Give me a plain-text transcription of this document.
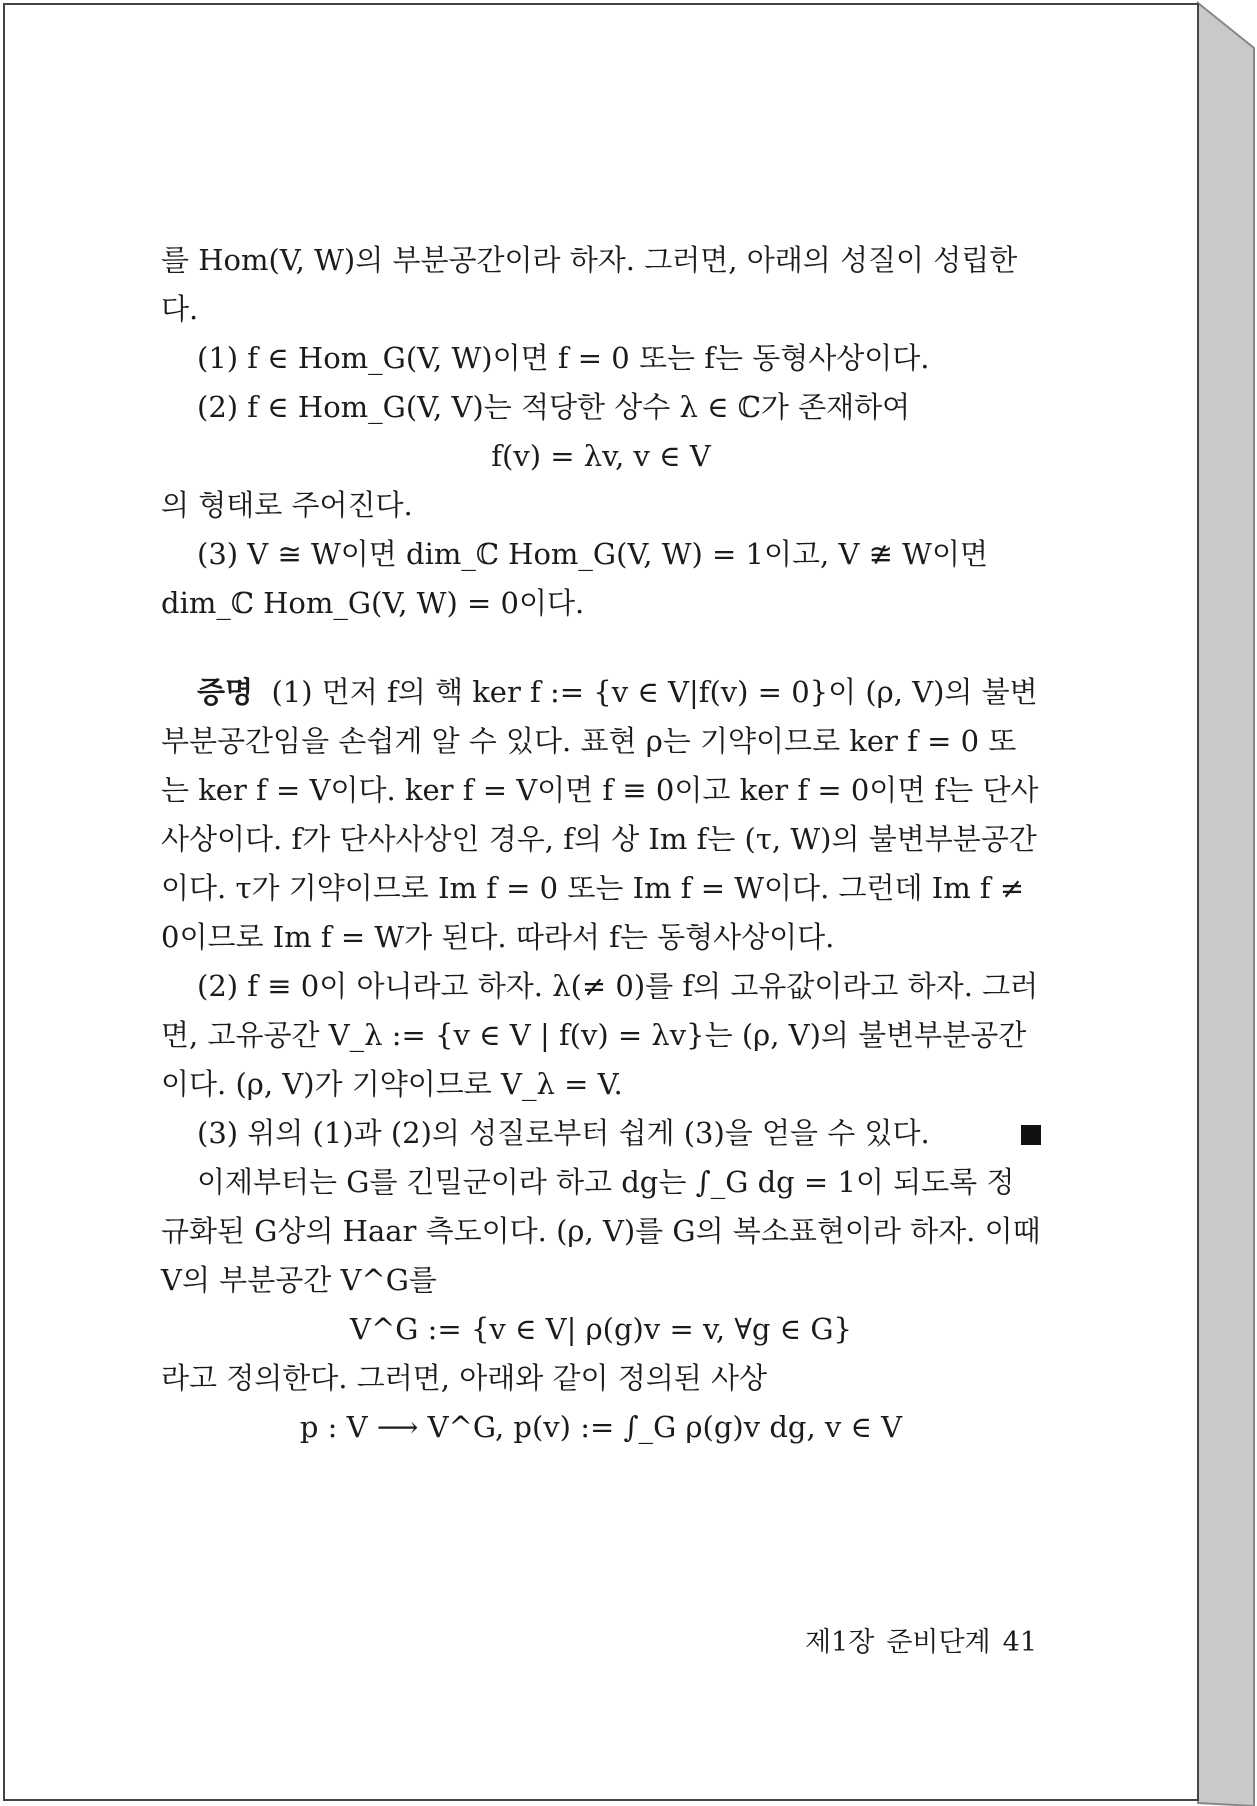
를 Hom(V, W)의 부분공간이라 하자. 그러면, 아래의 성질이 성립한다.

(1) f ∈ Hom_G(V, W)이면 f = 0 또는 f는 동형사상이다.

(2) f ∈ Hom_G(V, V)는 적당한 상수 λ ∈ ℂ가 존재하여

f(v) = λv, v ∈ V

의 형태로 주어진다.

(3) V ≅ W이면 dim_ℂ Hom_G(V, W) = 1이고, V ≇ W이면 dim_ℂ Hom_G(V, W) = 0이다.

증명 (1) 먼저 f의 핵 ker f := {v ∈ V|f(v) = 0}이 (ρ, V)의 불변부분공간임을 손쉽게 알 수 있다. 표현 ρ는 기약이므로 ker f = 0 또는 ker f = V이다. ker f = V이면 f ≡ 0이고 ker f = 0이면 f는 단사사상이다. f가 단사사상인 경우, f의 상 Im f는 (τ, W)의 불변부분공간이다. τ가 기약이므로 Im f = 0 또는 Im f = W이다. 그런데 Im f ≠ 0이므로 Im f = W가 된다. 따라서 f는 동형사상이다.

(2) f ≡ 0이 아니라고 하자. λ(≠ 0)를 f의 고유값이라고 하자. 그러면, 고유공간 V_λ := {v ∈ V | f(v) = λv}는 (ρ, V)의 불변부분공간이다. (ρ, V)가 기약이므로 V_λ = V.

(3) 위의 (1)과 (2)의 성질로부터 쉽게 (3)을 얻을 수 있다.

이제부터는 G를 긴밀군이라 하고 dg는 ∫_G dg = 1이 되도록 정규화된 G상의 Haar 측도이다. (ρ, V)를 G의 복소표현이라 하자. 이때 V의 부분공간 V^G를

V^G := {v ∈ V| ρ(g)v = v, ∀g ∈ G}

라고 정의한다. 그러면, 아래와 같이 정의된 사상

p : V ⟶ V^G, p(v) := ∫_G ρ(g)v dg, v ∈ V

제1장 준비단계 41
